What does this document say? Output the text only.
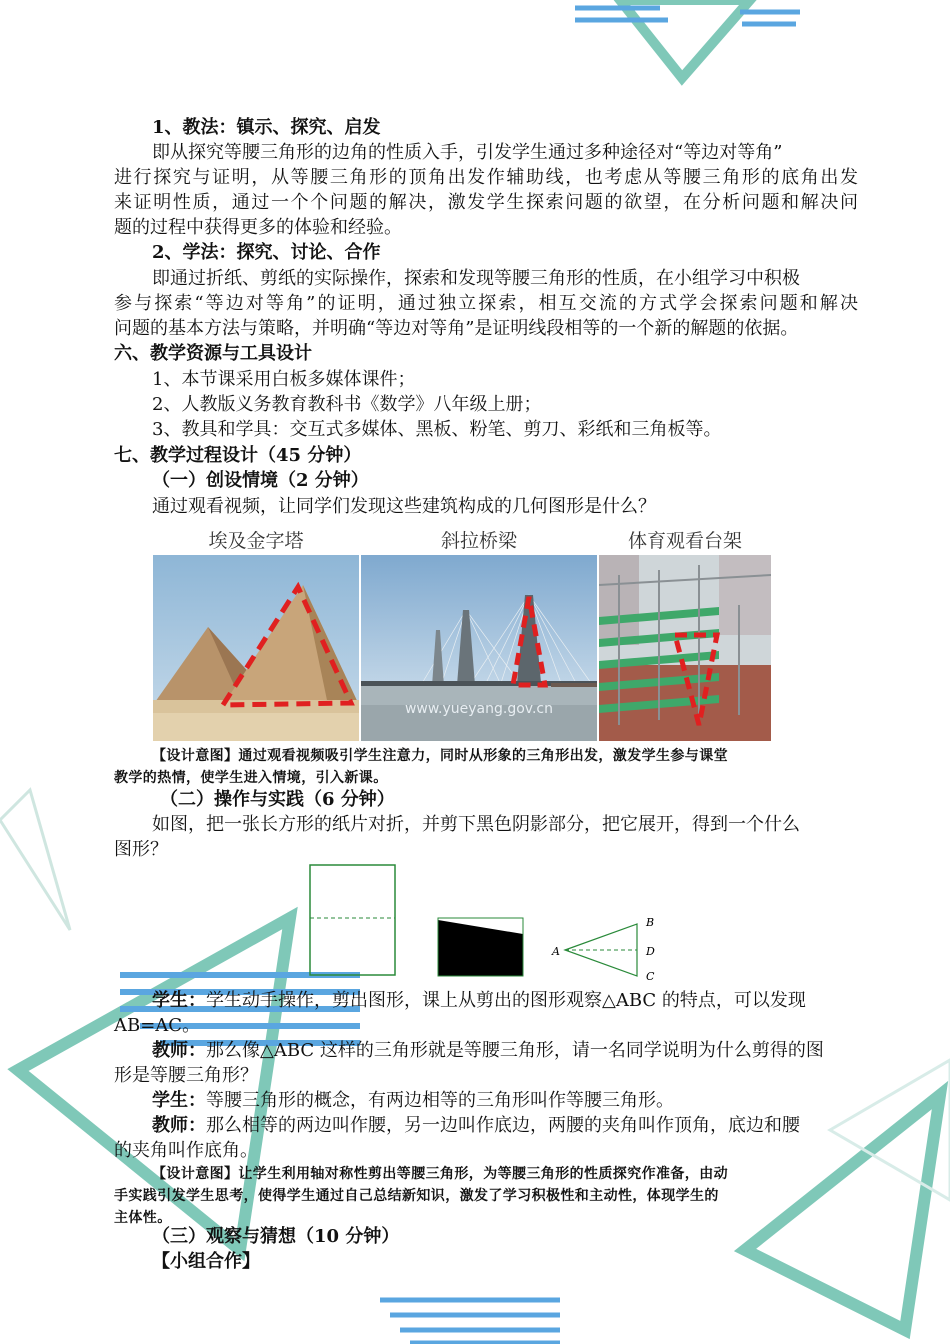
1、教法：镇示、探究、启发
即从探究等腰三角形的边角的性质入手，引发学生通过多种途径对“等边对等角”
进行探究与证明，从等腰三角形的顶角出发作辅助线，也考虑从等腰三角形的底角出发
来证明性质，通过一个个问题的解决，激发学生探索问题的欲望，在分析问题和解决问
题的过程中获得更多的体验和经验。
2、学法：探究、讨论、合作
即通过折纸、剪纸的实际操作，探索和发现等腰三角形的性质，在小组学习中积极
参与探索“等边对等角”的证明，通过独立探索，相互交流的方式学会探索问题和解决
问题的基本方法与策略，并明确“等边对等角”是证明线段相等的一个新的解题的依据。
六、教学资源与工具设计
1、本节课采用白板多媒体课件；
2、人教版义务教育教科书《数学》八年级上册；
3、教具和学具：交互式多媒体、黑板、粉笔、剪刀、彩纸和三角板等。
七、教学过程设计（45 分钟）
（一）创设情境（2 分钟）
通过观看视频，让同学们发现这些建筑构成的几何图形是什么？
埃及金字塔	斜拉桥梁	体育观看台架
www.yueyang.gov.cn
【设计意图】通过观看视频吸引学生注意力，同时从形象的三角形出发，激发学生参与课堂
教学的热情，使学生进入情境，引入新课。
（二）操作与实践（6 分钟）
如图，把一张长方形的纸片对折，并剪下黑色阴影部分，把它展开，得到一个什么
图形？
A
B
D
C
学生：学生动手操作，剪出图形，课上从剪出的图形观察△ABC 的特点，可以发现
AB=AC。
教师：那么像△ABC 这样的三角形就是等腰三角形，请一名同学说明为什么剪得的图
形是等腰三角形？
学生：等腰三角形的概念，有两边相等的三角形叫作等腰三角形。
教师：那么相等的两边叫作腰，另一边叫作底边，两腰的夹角叫作顶角，底边和腰
的夹角叫作底角。
【设计意图】让学生利用轴对称性剪出等腰三角形，为等腰三角形的性质探究作准备，由动
手实践引发学生思考，使得学生通过自己总结新知识，激发了学习积极性和主动性，体现学生的
主体性。
（三）观察与猜想（10 分钟）
【小组合作】
